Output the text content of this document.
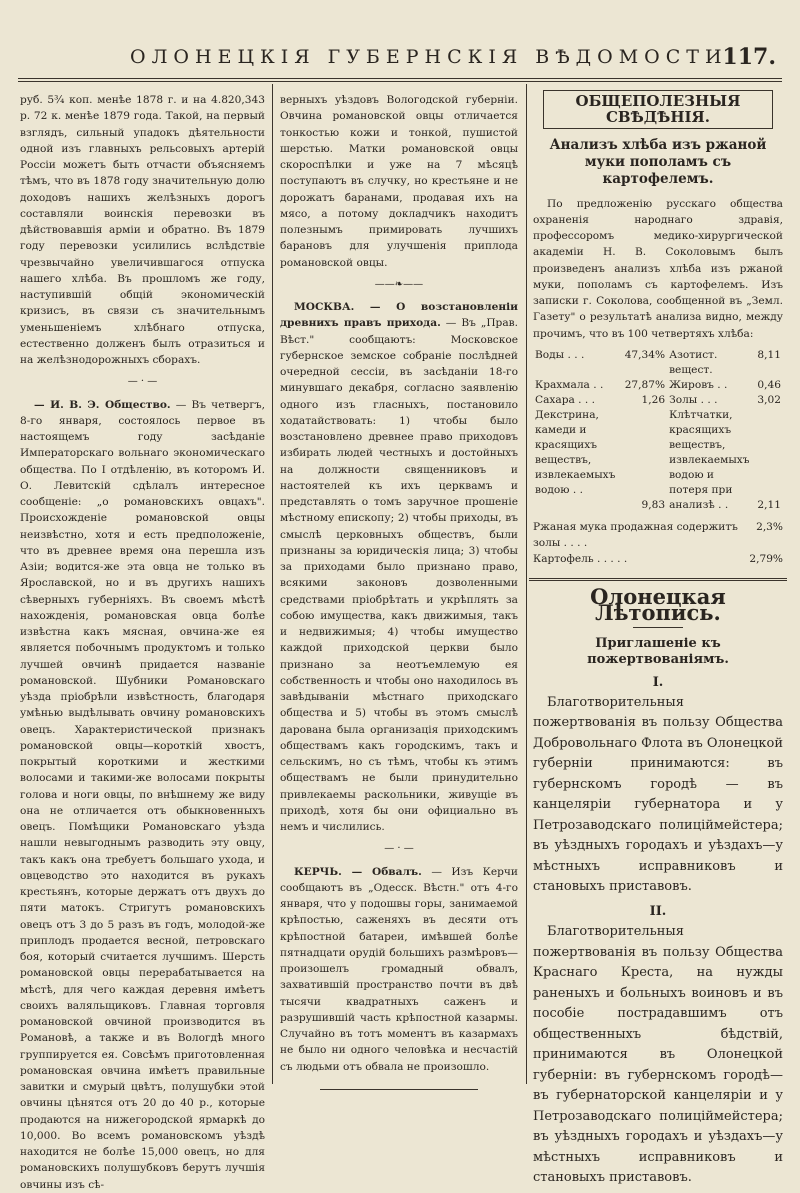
ОЛОНЕЦКІЯ ГУБЕРНСКІЯ ВѢДОМОСТИ.
117.

руб. 5¾ коп. менѣе 1878 г. и на 4.820,343 р. 72 к. менѣе 1879 года. Такой, на первый взглядъ, сильный упадокъ дѣятельности одной изъ главныхъ рельсовыхъ артерій Россіи можетъ быть отчасти объясняемъ тѣмъ, что въ 1878 году значительную долю доходовъ нашихъ желѣзныхъ дорогъ составляли воинскія перевозки въ дѣйствовавшія арміи и обратно. Въ 1879 году перевозки усилились вслѣдствіе чрезвычайно увеличившагося отпуска нашего хлѣба. Въ прошломъ же году, наступившій общій экономическій кризисъ, въ связи съ значительнымъ уменьшеніемъ хлѣбнаго отпуска, естественно долженъ былъ отразиться и на желѣзнодорожныхъ сборахъ.

— · —

— И. В. Э. Общество. — Въ четвергъ, 8-го января, состоялось первое въ настоящемъ году засѣданіе Императорскаго вольнаго экономическаго общества. По I отдѣленію, въ которомъ И. О. Левитскій сдѣлалъ интересное сообщеніе: „о романовскихъ овцахъ". Происхожденіе романовской овцы неизвѣстно, хотя и есть предположеніе, что въ древнее время она перешла изъ Азіи; водится-же эта овца не только въ Ярославской, но и въ другихъ нашихъ сѣверныхъ губерніяхъ. Въ своемъ мѣстѣ нахожденія, романовская овца болѣе извѣстна какъ мясная, овчина-же ея является побочнымъ продуктомъ и только лучшей овчинѣ придается названіе романовской. Шубники Романовскаго уѣзда пріобрѣли извѣстность, благодаря умѣнью выдѣлывать овчину романовскихъ овецъ. Характеристической признакъ романовской овцы—короткій хвостъ, покрытый короткими и жесткими волосами и такими-же волосами покрыты голова и ноги овцы, по внѣшнему же виду она не отличается отъ обыкновенныхъ овецъ. Помѣщики Романовскаго уѣзда нашли невыгоднымъ разводить эту овцу, такъ какъ она требуетъ большаго ухода, и овцеводство это находится въ рукахъ крестьянъ, которые держатъ отъ двухъ до пяти матокъ. Стригутъ романовскихъ овецъ отъ 3 до 5 разъ въ годъ, молодой-же приплодъ продается весной, петровскаго боя, который считается лучшимъ. Шерсть романовской овцы перерабатывается на мѣстѣ, для чего каждая деревня имѣетъ своихъ валяльщиковъ. Главная торговля романовской овчиной производится въ Романовѣ, а также и въ Вологдѣ много группируется ея. Совсѣмъ приготовленная романовская овчина имѣетъ правильные завитки и смурый цвѣтъ, полушубки этой овчины цѣнятся отъ 20 до 40 р., которые продаются на нижегородской ярмаркѣ до 10,000. Во всемъ романовскомъ уѣздѣ находится не болѣе 15,000 овецъ, но для романовскихъ полушубковъ берутъ лучшія овчины изъ сѣ-

верныхъ уѣздовъ Вологодской губерніи. Овчина романовской овцы отличается тонкостью кожи и тонкой, пушистой шерстью. Матки романовской овцы скороспѣлки и уже на 7 мѣсяцѣ поступаютъ въ случку, но крестьяне и не дорожатъ баранами, продавая ихъ на мясо, а потому докладчикъ находитъ полезнымъ примировать лучшихъ барановъ для улучшенія приплода романовской овцы.

——❧——

МОСКВА. — О возстановленіи древнихъ правъ прихода. — Въ „Прав. Вѣст." сообщаютъ: Московское губернское земское собраніе послѣдней очередной сессіи, въ засѣданіи 18-го минувшаго декабря, согласно заявленію одного изъ гласныхъ, постановило ходатайствовать: 1) чтобы было возстановлено древнее право приходовъ избирать людей честныхъ и достойныхъ на должности священниковъ и настоятелей къ ихъ церквамъ и представлять о томъ заручное прошеніе мѣстному епископу; 2) чтобы приходы, въ смыслѣ церковныхъ обществъ, были признаны за юридическія лица; 3) чтобы за приходами было признано право, всякими законовъ дозволенными средствами пріобрѣтать и укрѣплять за собою имущества, какъ движимыя, такъ и недвижимыя; 4) чтобы имущество каждой приходской церкви было признано за неотъемлемую ея собственность и чтобы оно находилось въ завѣдываніи мѣстнаго приходскаго общества и 5) чтобы въ этомъ смыслѣ дарована была организація приходскимъ обществамъ какъ городскимъ, такъ и сельскимъ, но съ тѣмъ, чтобы къ этимъ обществамъ не были принудительно привлекаемы раскольники, живущіе въ приходѣ, хотя бы они официально въ немъ и числились.

— · —

КЕРЧЬ. — Обвалъ. — Изъ Керчи сообщаютъ въ „Одесск. Вѣстн." отъ 4-го января, что у подошвы горы, занимаемой крѣпостью, саженяхъ въ десяти отъ крѣпостной батареи, имѣвшей болѣе пятнадцати орудій большихъ размѣровъ—произошелъ громадный обвалъ, захватившій пространство почти въ двѣ тысячи квадратныхъ саженъ и разрушившій часть крѣпостной казармы. Случайно въ тотъ моментъ въ казармахъ не было ни одного человѣка и несчастій съ людьми отъ обвала не произошло.

ОБЩЕПОЛЕЗНЫЯ СВѢДѢНІЯ.
Анализъ хлѣба изъ ржаной муки пополамъ съ картофелемъ.

По предложенію русскаго общества охраненія народнаго здравія, профессоромъ медико-хирургической академіи Н. В. Соколовымъ былъ произведенъ анализъ хлѣба изъ ржаной муки, пополамъ съ картофелемъ. Изъ записки г. Соколова, сообщенной въ „Земл. Газету" о результатѣ анализа видно, между прочимъ, что въ 100 четвертяхъ хлѣба:

Воды . . .	47,34%	Азотист. вещест.	8,11
Крахмала . .	27,87%	Жировъ . .	0,46
Сахара . . .	1,26	Золы . . .	3,02
Декстрина, камеди и красящихъ веществъ, извлекаемыхъ водою . .	9,83	Клѣтчатки, красящихъ веществъ, извлекаемыхъ водою и потеря при анализѣ . .	2,11
Ржаная мука продажная содержитъ золы . . . .
2,3%
Картофель . . . . .	2,79%
Олонецкая Лѣтопись.
Приглашеніе къ пожертвованіямъ.
I.

Благотворительныя пожертвованія въ пользу Общества Добровольнаго Флота въ Олонецкой губерніи принимаются: въ губернскомъ городѣ — въ канцеляріи губернатора и у Петрозаводскаго полиціймейстера; въ уѣздныхъ городахъ и уѣздахъ—у мѣстныхъ исправниковъ и становыхъ приставовъ.

II.

Благотворительныя пожертвованія въ пользу Общества Краснаго Креста, на нужды раненыхъ и больныхъ воиновъ и въ пособіе пострадавшимъ отъ общественныхъ бѣдствій, принимаются въ Олонецкой губерніи: въ губернскомъ городѣ—въ губернаторской канцеляріи и у Петрозаводскаго полиціймейстера; въ уѣздныхъ городахъ и уѣздахъ—у мѣстныхъ исправниковъ и становыхъ приставовъ.
